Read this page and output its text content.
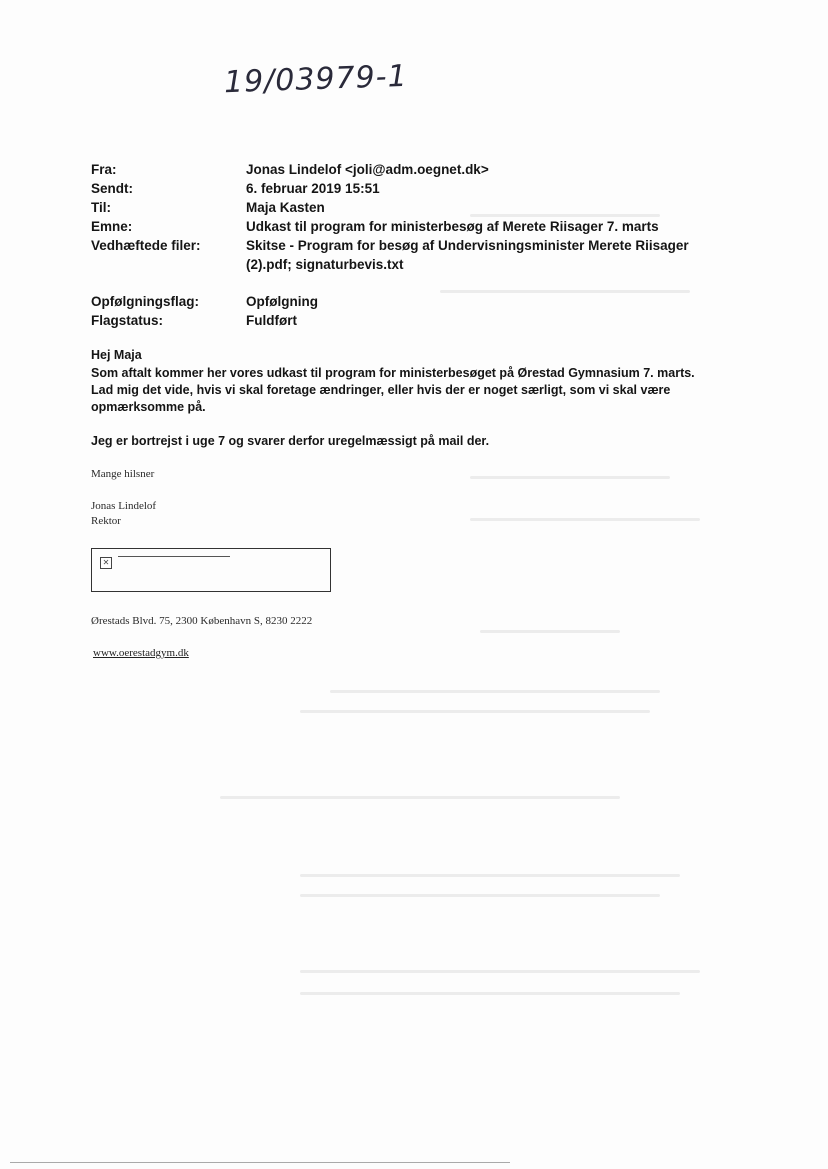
19/03979-1
Fra:	Jonas Lindelof <joli@adm.oegnet.dk>
Sendt:	6. februar 2019 15:51
Til:	Maja Kasten
Emne:	Udkast til program for ministerbesøg af Merete Riisager 7. marts
Vedhæftede filer:	Skitse - Program for besøg af Undervisningsminister Merete Riisager
(2).pdf; signaturbevis.txt
Opfølgningsflag:	Opfølgning
Flagstatus:	Fuldført
Hej Maja
Som aftalt kommer her vores udkast til program for ministerbesøget på Ørestad Gymnasium 7. marts. Lad mig det vide, hvis vi skal foretage ændringer, eller hvis der er noget særligt, som vi skal være opmærksomme på.
Jeg er bortrejst i uge 7 og svarer derfor uregelmæssigt på mail der.
Mange hilsner
Jonas Lindelof
Rektor
✕
Ørestads Blvd. 75, 2300 København S, 8230 2222
www.oerestadgym.dk
